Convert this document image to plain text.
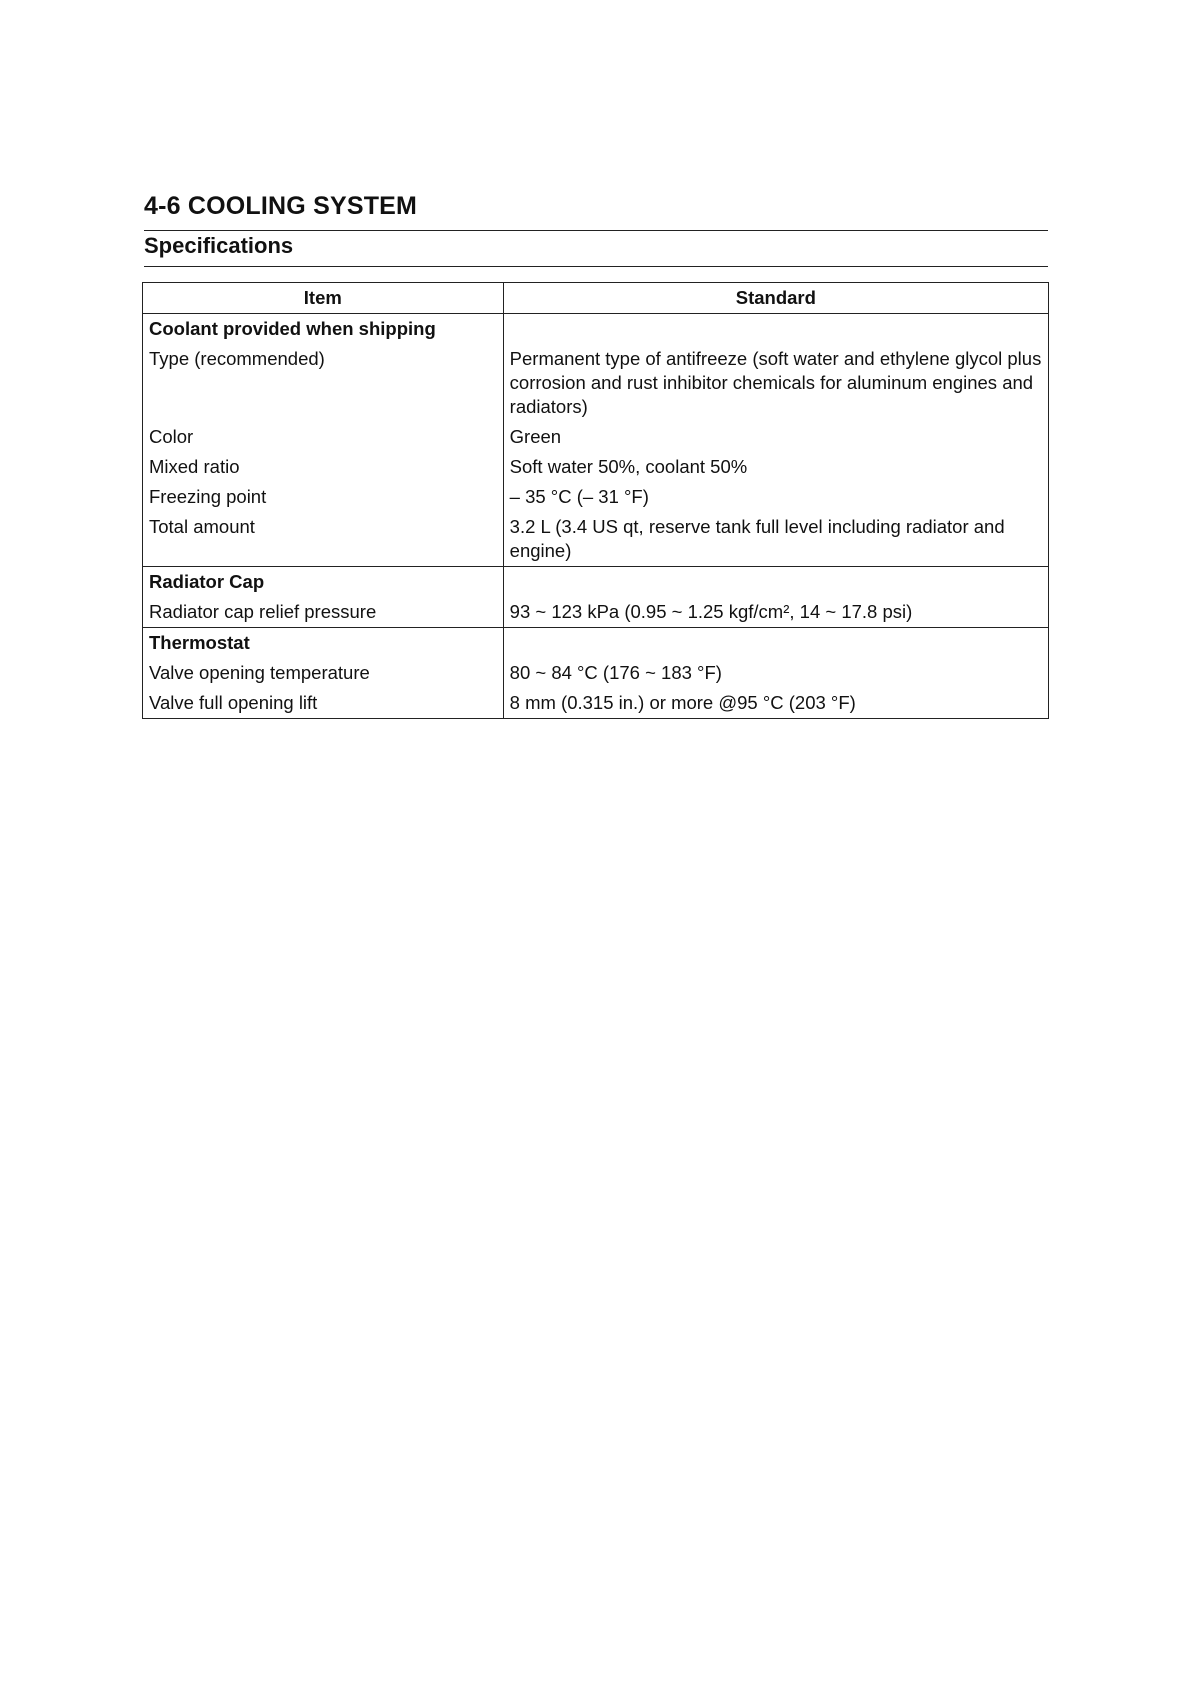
4-6 COOLING SYSTEM
Specifications
Item	Standard
Coolant provided when shipping	
Type (recommended)	Permanent type of antifreeze (soft water and ethylene glycol plus corrosion and rust inhibitor chemicals for aluminum engines and radiators)
Color	Green
Mixed ratio	Soft water 50%, coolant 50%
Freezing point	– 35 °C (– 31 °F)
Total amount	3.2 L (3.4 US qt, reserve tank full level including radiator and engine)
Radiator Cap	
Radiator cap relief pressure	93 ~ 123 kPa (0.95 ~ 1.25 kgf/cm², 14 ~ 17.8 psi)
Thermostat	
Valve opening temperature	80 ~ 84 °C (176 ~ 183 °F)
Valve full opening lift	8 mm (0.315 in.) or more @95 °C (203 °F)
